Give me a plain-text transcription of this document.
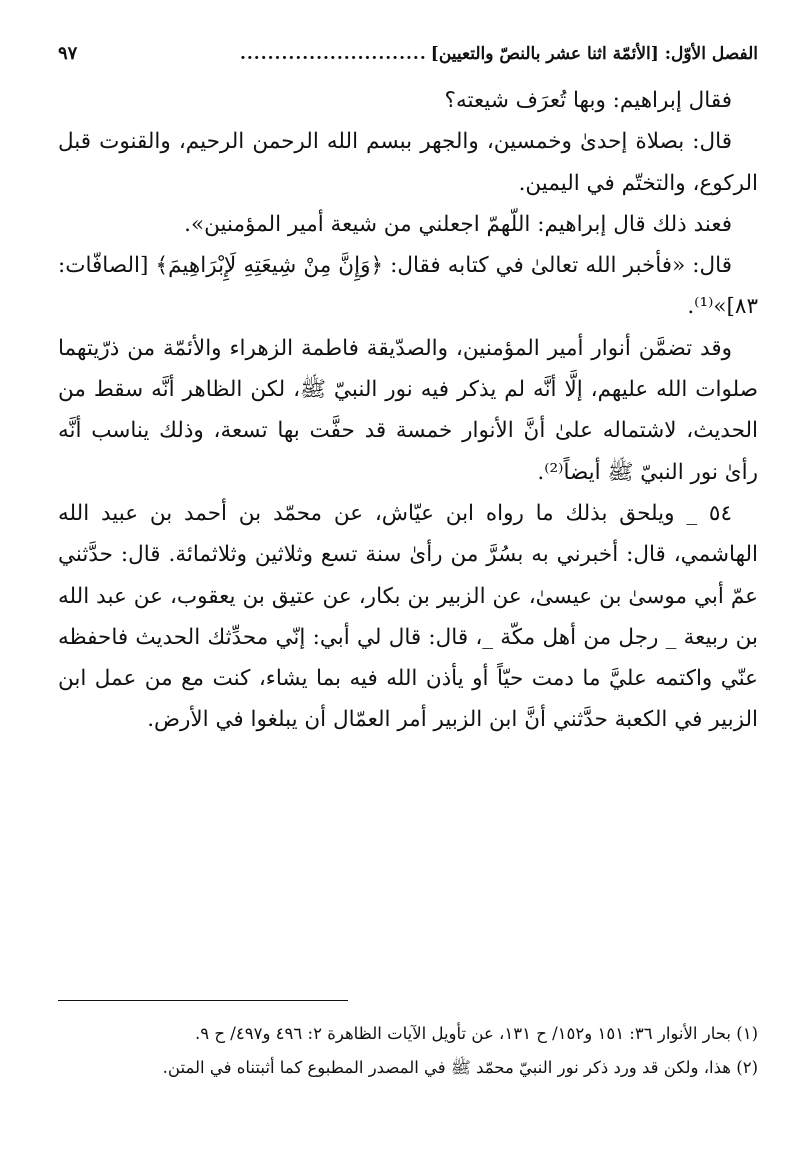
الفصل الأوّل: [الأئمّة اثنا عشر بالنصّ والتعيين]
...........................
٩٧

فقال إبراهيم: وبها تُعرَف شيعته؟

قال: بصلاة إحدىٰ وخمسين، والجهر ببسم الله الرحمن الرحيم، والقنوت قبل الركوع، والتختّم في اليمين.

فعند ذلك قال إبراهيم: اللّهمّ اجعلني من شيعة أمير المؤمنين».

قال: «فأخبر الله تعالىٰ في كتابه فقال: ﴿وَإِنَّ مِنْ شِيعَتِهِ لَإِبْرَاهِيمَ﴾ [الصافّات: ٨٣]»⁽¹⁾.

وقد تضمَّن أنوار أمير المؤمنين، والصدّيقة فاطمة الزهراء والأئمّة من ذرّيتهما صلوات الله عليهم، إلَّا أنَّه لم يذكر فيه نور النبيّ ﷺ، لكن الظاهر أنَّه سقط من الحديث، لاشتماله علىٰ أنَّ الأنوار خمسة قد حفَّت بها تسعة، وذلك يناسب أنَّه رأىٰ نور النبيّ ﷺ أيضاً⁽²⁾.

٥٤ _ ويلحق بذلك ما رواه ابن عيّاش، عن محمّد بن أحمد بن عبيد الله الهاشمي، قال: أخبرني به بسُرَّ من رأىٰ سنة تسع وثلاثين وثلاثمائة. قال: حدَّثني عمّ أبي موسىٰ بن عيسىٰ، عن الزبير بن بكار، عن عتيق بن يعقوب، عن عبد الله بن ربيعة _ رجل من أهل مكّة _، قال: قال لي أبي: إنّي محدِّثك الحديث فاحفظه عنّي واكتمه عليَّ ما دمت حيّاً أو يأذن الله فيه بما يشاء، كنت مع من عمل ابن الزبير في الكعبة حدَّثني أنَّ ابن الزبير أمر العمّال أن يبلغوا في الأرض.

(١) بحار الأنوار ٣٦: ١٥١ و١٥٢/ ح ١٣١، عن تأويل الآيات الظاهرة ٢: ٤٩٦ و٤٩٧/ ح ٩.

(٢) هذا، ولكن قد ورد ذكر نور النبيّ محمّد ﷺ في المصدر المطبوع كما أثبتناه في المتن.
